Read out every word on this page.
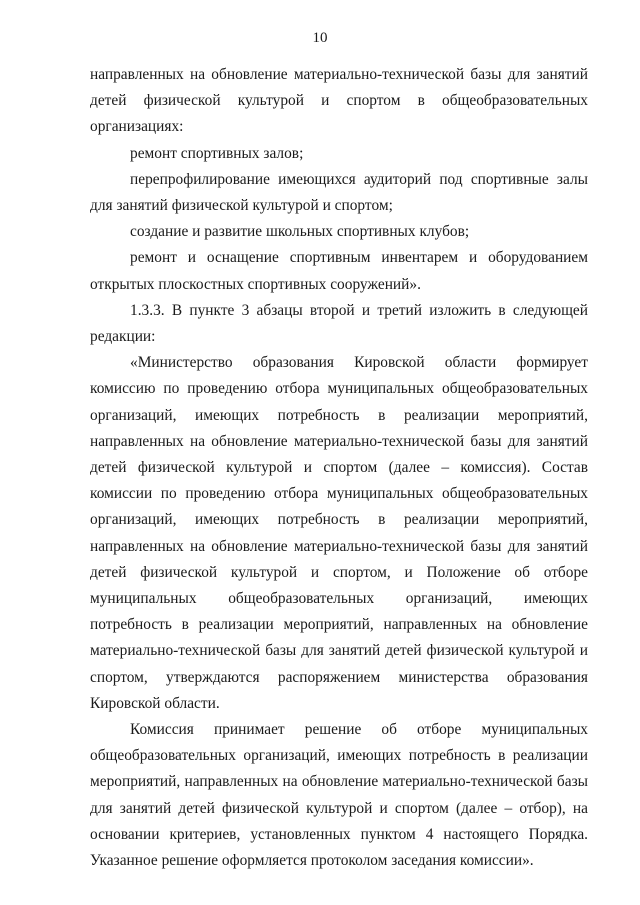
10

направленных на обновление материально-технической базы для занятий детей физической культурой и спортом в общеобразовательных организациях:

ремонт спортивных залов;

перепрофилирование имеющихся аудиторий под спортивные залы для занятий физической культурой и спортом;

создание и развитие школьных спортивных клубов;

ремонт и оснащение спортивным инвентарем и оборудованием открытых плоскостных спортивных сооружений».

1.3.3. В пункте 3 абзацы второй и третий изложить в следующей редакции:

«Министерство образования Кировской области формирует комиссию по проведению отбора муниципальных общеобразовательных организаций, имеющих потребность в реализации мероприятий, направленных на обновление материально-технической базы для занятий детей физической культурой и спортом (далее – комиссия). Состав комиссии по проведению отбора муниципальных общеобразовательных организаций, имеющих потребность в реализации мероприятий, направленных на обновление материально-технической базы для занятий детей физической культурой и спортом, и Положение об отборе муниципальных общеобразовательных организаций, имеющих потребность в реализации мероприятий, направленных на обновление материально-технической базы для занятий детей физической культурой и спортом, утверждаются распоряжением министерства образования Кировской области.

Комиссия принимает решение об отборе муниципальных общеобразовательных организаций, имеющих потребность в реализации мероприятий, направленных на обновление материально-технической базы для занятий детей физической культурой и спортом (далее – отбор), на основании критериев, установленных пунктом 4 настоящего Порядка. Указанное решение оформляется протоколом заседания комиссии».
